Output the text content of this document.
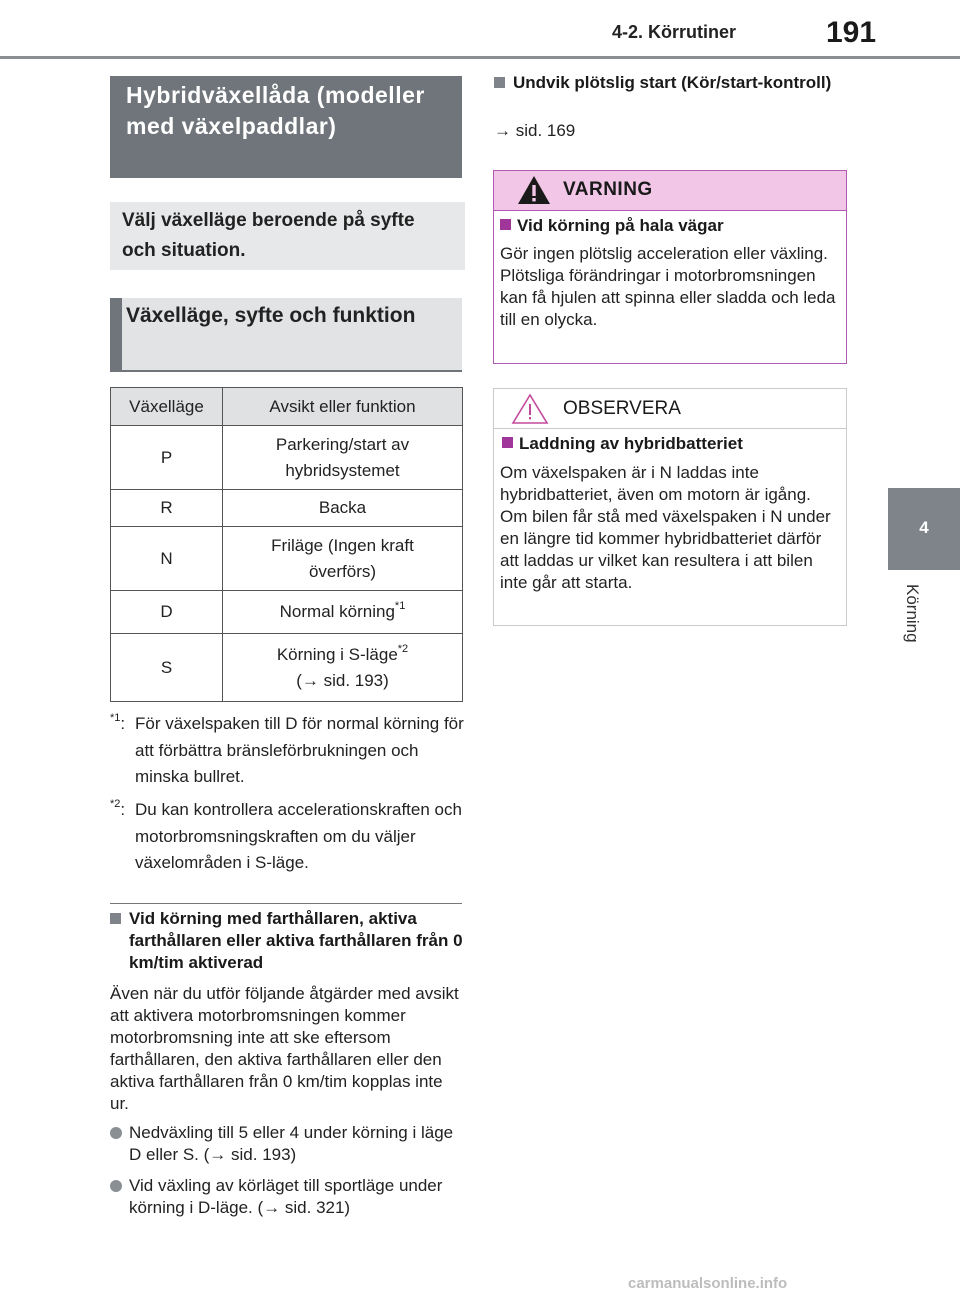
4-2. Körrutiner	191
4
Körning
Hybridväxellåda (modeller med växelpaddlar)

Välj växelläge beroende på syfte och situation.

Växelläge, syfte och funktion
Växelläge	Avsikt eller funktion
P	Parkering/start av
hybridsystemet
R	Backa
N	Friläge (Ingen kraft
överförs)
D	Normal körning$^{*1}$
S	Körning i S-läge$^{*2}$
(→ sid. 193)
$^{*1}$: För växelspaken till D för normal körning för att förbättra bränsleförbrukningen och minska bullret.
$^{*2}$: Du kan kontrollera accelerationskraften och motorbromsningskraften om du väljer växelområden i S-läge.
Vid körning med farthållaren, aktiva farthållaren eller aktiva farthållaren från 0 km/tim aktiverad
Även när du utför följande åtgärder med avsikt att aktivera motorbromsningen kommer motorbromsning inte att ske eftersom farthållaren, den aktiva farthållaren eller den aktiva farthållaren från 0 km/tim kopplas inte ur.
Nedväxling till 5 eller 4 under körning i läge D eller S. (→ sid. 193)
Vid växling av körläget till sportläge under körning i D-läge. (→ sid. 321)
Undvik plötslig start (Kör/start-kontroll)
→ sid. 169
VARNING
Vid körning på hala vägar
Gör ingen plötslig acceleration eller växling.
Plötsliga förändringar i motorbromsningen kan få hjulen att spinna eller sladda och leda till en olycka.
OBSERVERA
Laddning av hybridbatteriet
Om växelspaken är i N laddas inte hybridbatteriet, även om motorn är igång. Om bilen får stå med växelspaken i N under en längre tid kommer hybridbatteriet därför att laddas ur vilket kan resultera i att bilen inte går att starta.
carmanualsonline.info
